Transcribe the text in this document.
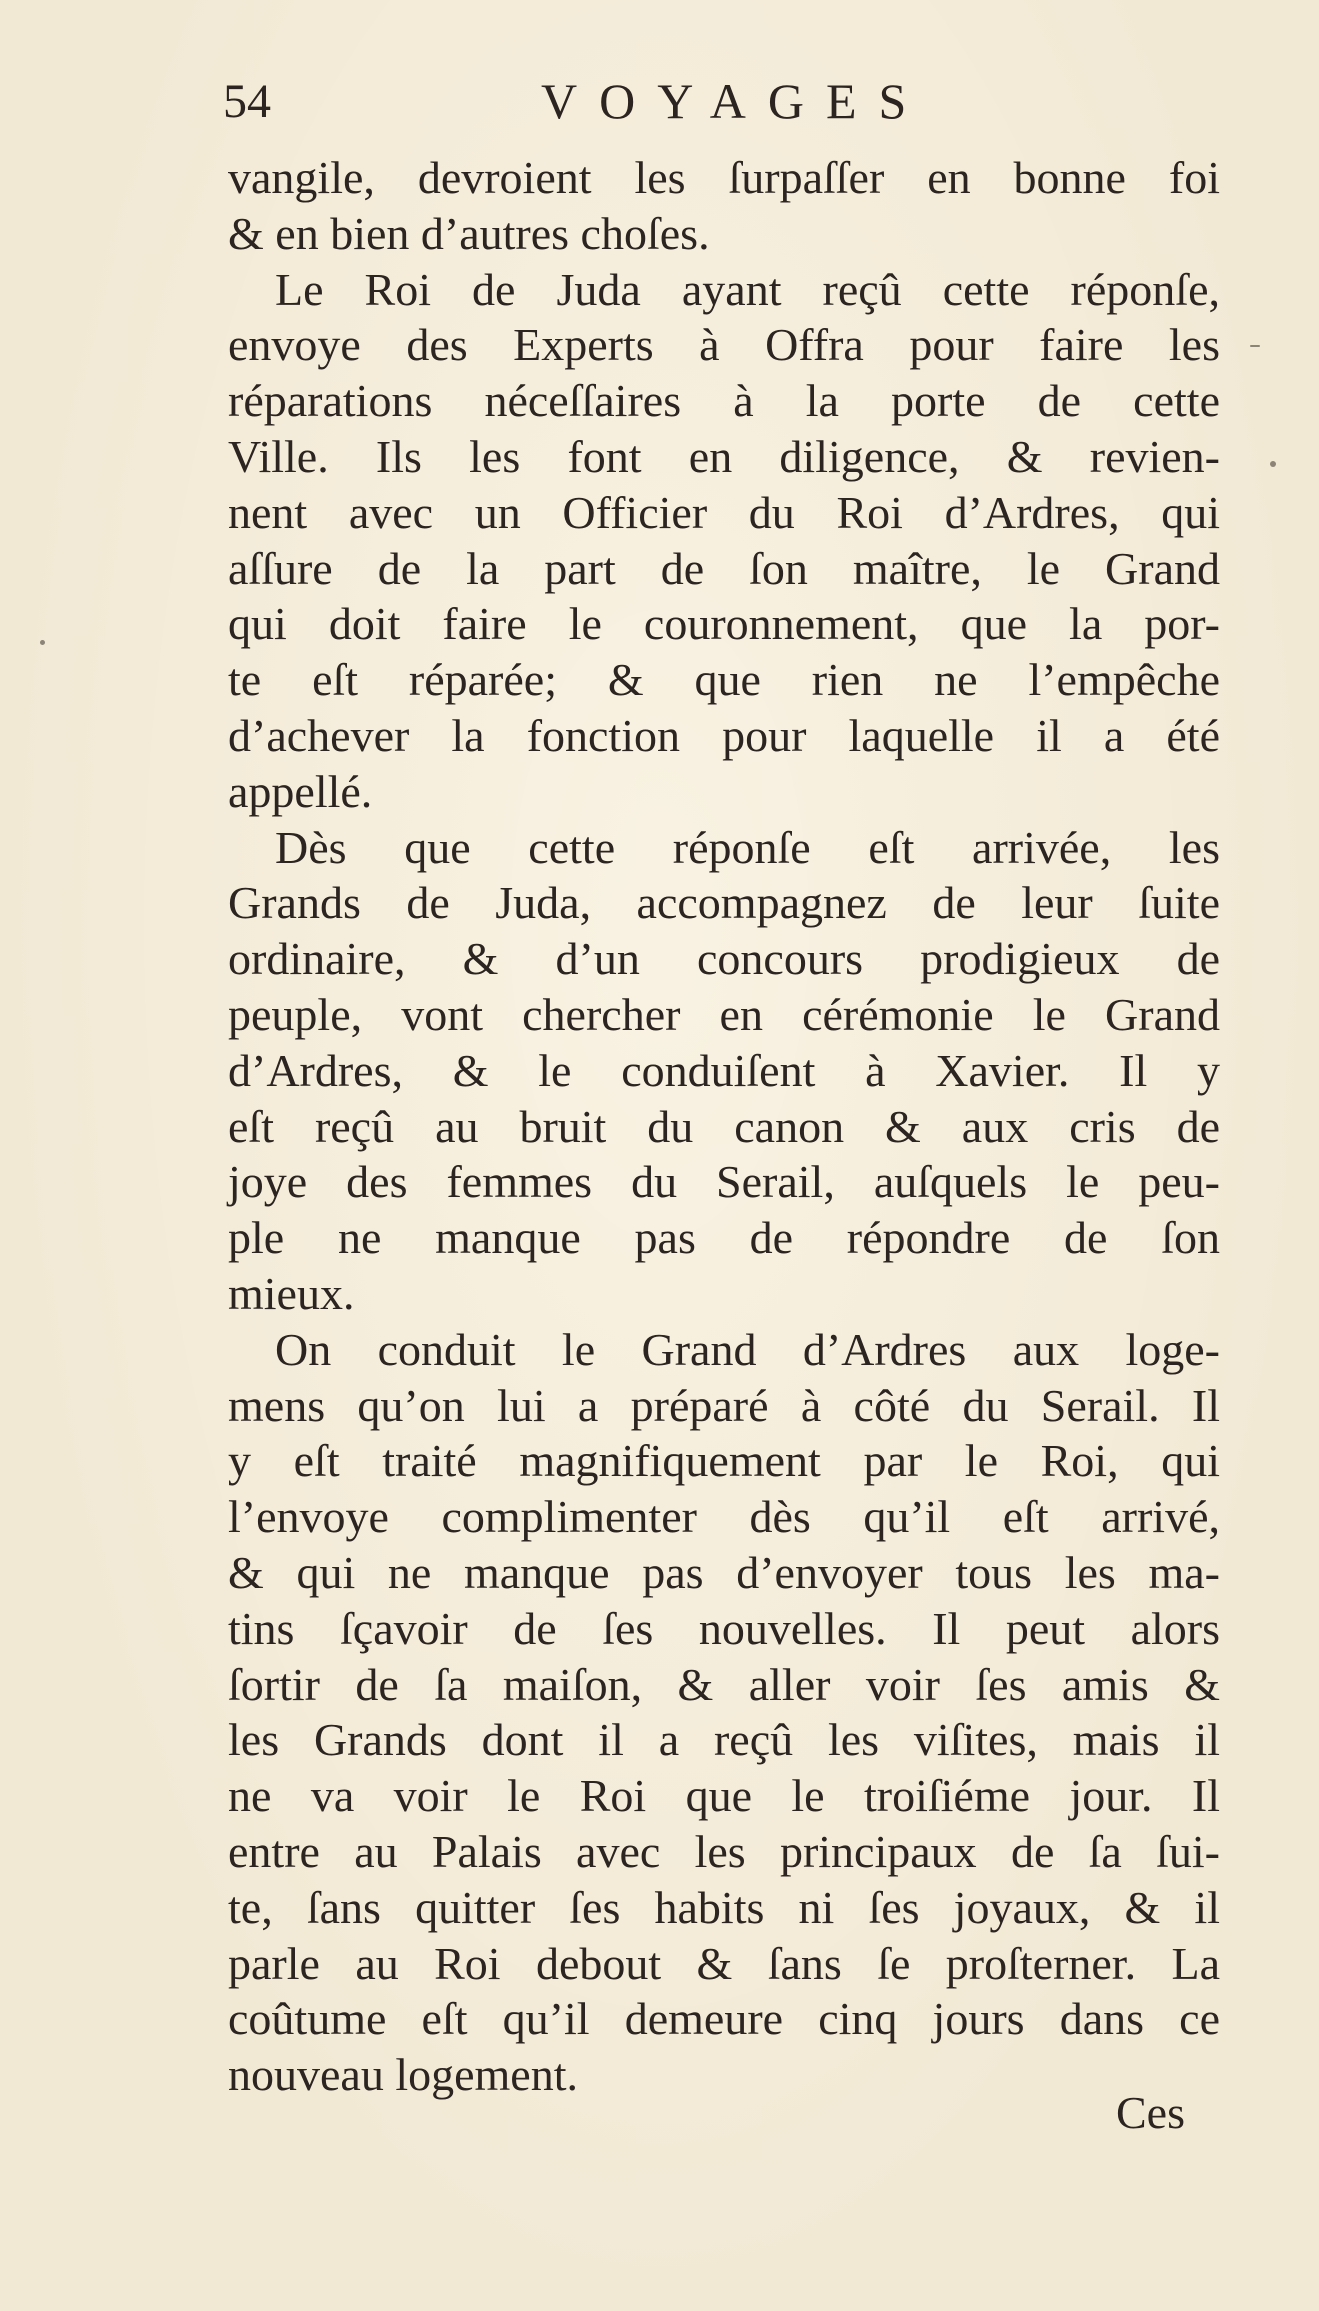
54	VOYAGES
vangile, devroient les ſurpaſſer en bonne foi
& en bien d’autres choſes.
Le Roi de Juda ayant reçû cette réponſe,
envoye des Experts à Offra pour faire les
réparations néceſſaires à la porte de cette
Ville. Ils les font en diligence, & revien-
nent avec un Officier du Roi d’Ardres, qui
aſſure de la part de ſon maître, le Grand
qui doit faire le couronnement, que la por-
te eſt réparée; & que rien ne l’empêche
d’achever la fonction pour laquelle il a été
appellé.
Dès que cette réponſe eſt arrivée, les
Grands de Juda, accompagnez de leur ſuite
ordinaire, & d’un concours prodigieux de
peuple, vont chercher en cérémonie le Grand
d’Ardres, & le conduiſent à Xavier. Il y
eſt reçû au bruit du canon & aux cris de
joye des femmes du Serail, auſquels le peu-
ple ne manque pas de répondre de ſon
mieux.
On conduit le Grand d’Ardres aux loge-
mens qu’on lui a préparé à côté du Serail. Il
y eſt traité magnifiquement par le Roi, qui
l’envoye complimenter dès qu’il eſt arrivé,
& qui ne manque pas d’envoyer tous les ma-
tins ſçavoir de ſes nouvelles. Il peut alors
ſortir de ſa maiſon, & aller voir ſes amis &
les Grands dont il a reçû les viſites, mais il
ne va voir le Roi que le troiſiéme jour. Il
entre au Palais avec les principaux de ſa ſui-
te, ſans quitter ſes habits ni ſes joyaux, & il
parle au Roi debout & ſans ſe proſterner. La
coûtume eſt qu’il demeure cinq jours dans ce
nouveau logement.
Ces
